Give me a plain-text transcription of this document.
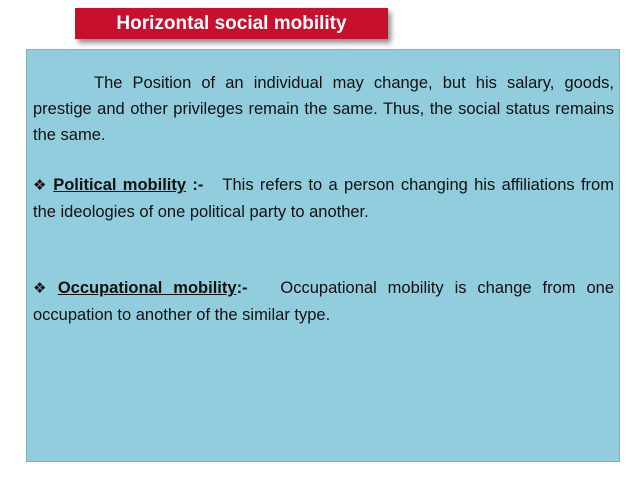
Horizontal social mobility

The Position of an individual may change, but his salary, goods, prestige and other privileges remain the same. Thus, the social status remains the same.

❖ Political mobility :- This refers to a person changing his affiliations from the ideologies of one political party to another.

❖ Occupational mobility:- Occupational mobility is change from one occupation to another of the similar type.
